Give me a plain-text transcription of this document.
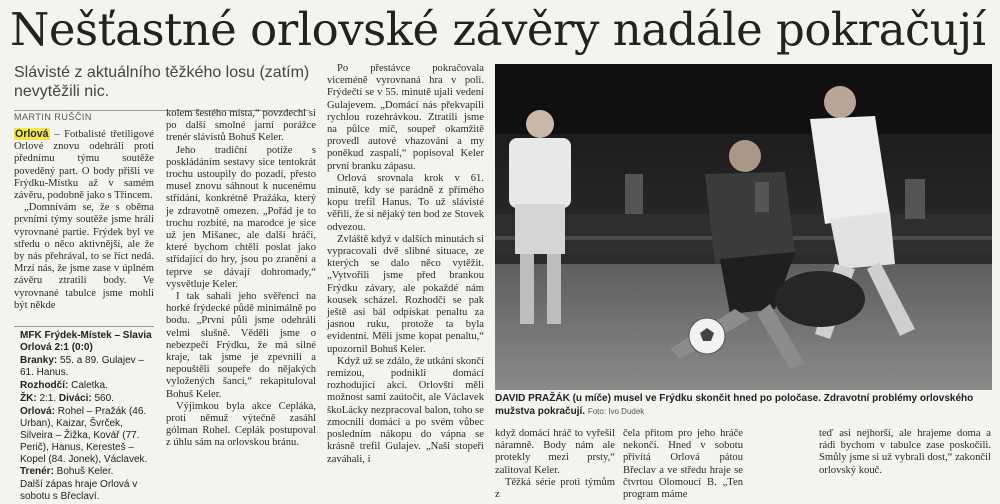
Nešťastné orlovské závěry nadále pokračují
Slávisté z aktuálního těžkého losu (zatím) nevytěžili nic.
MARTIN RUŠČIN

Orlová – Fotbalisté třetiligové Orlové znovu odehráli proti přednímu týmu soutěže poveděný part. O body přišli ve Frýdku-Místku až v samém závěru, podobně jako s Třincem.

„Domnívám se, že s oběma prvními týmy soutěže jsme hráli vyrovnané partie. Frýdek byl ve středu o něco aktivnější, ale že by nás přehrával, to se říct nedá. Mrzí nás, že jsme zase v úplném závěru ztratili body. Ve vyrovnané tabulce jsme mohli být někde

MFK Frýdek-Místek – Slavia Orlová 2:1 (0:0)

Branky: 55. a 89. Gulajev – 61. Hanus.

Rozhodčí: Caletka.

ŽK: 2:1. Diváci: 560.

Orlová: Rohel – Pražák (46. Urban), Kaizar, Švrček, Silveira – Žižka, Kovář (77. Perič), Hanus, Keresteš – Kopel (84. Jonek), Václavek. Trenér: Bohuš Keler.

Další zápas hraje Orlová v sobotu s Břeclaví.

kolem šestého místa,“ povzdechl si po další smolné jarní porážce trenér slávistů Bohuš Keler.

Jeho tradiční potíže s poskládáním sestavy sice tentokrát trochu ustoupily do pozadí, přesto musel znovu sáhnout k nucenému střídání, konkrétně Pražáka, který je zdravotně omezen. „Pořád je to trochu rozbité, na marodce je sice už jen Mišanec, ale další hráči, které bychom chtěli poslat jako střídající do hry, jsou po zranění a teprve se dávají dohromady,“ vysvětluje Keler.

I tak sahali jeho svěřenci na horké frýdecké půdě minimálně po bodu. „První půli jsme odehráli velmi slušně. Věděli jsme o nebezpečí Frýdku, že má silné kraje, tak jsme je zpevnili a nepouštěli soupeře do nějakých vyložených šancí,“ rekapituloval Bohuš Keler.

Výjimkou byla akce Cepláka, proti němuž výtečně zasáhl gólman Rohel. Ceplák postupoval z úhlu sám na orlovskou bránu.

Po přestávce pokračovala viceméně vyrovnaná hra v poli. Frýdečtí se v 55. minutě ujali vedení Gulajevem. „Domácí nás překvapili rychlou rozehrávkou. Ztratili jsme na půlce míč, soupeř okamžitě provedl autové vhazování a my poněkud zaspali,“ popisoval Keler první branku zápasu.

Orlová srovnala krok v 61. minutě, kdy se parádně z přímého kopu trefil Hanus. To už slávisté věřili, že si nějaký ten bod ze Stovek odvezou.

Zvláště když v dalších minutách si vypracovali dvě slibné situace, ze kterých se dalo něco vytěžit. „Vytvořili jsme před brankou Frýdku závary, ale pokaždé nám kousek scházel. Rozhodčí se pak ještě asi bál odpískat penaltu za jasnou ruku, protože ta byla evidentní. Měli jsme kopat penaltu,“ upozornil Bohuš Keler.

Když už se zdálo, že utkání skončí remízou, podnikli domácí rozhodující akci. Orlovští měli možnost sami zaútočit, ale Václavek škoLácky nezpracoval balon, toho se zmocnili domácí a po svém vůbec posledním nákopu do vápna se krásně trefil Gulajev. „Naši stopeři zaváhali, i

DAVID PRAŽÁK (u míče) musel ve Frýdku skončit hned po poločase. Zdravotní problémy orlovského mužstva pokračují. Foto: Ivo Dudek

když domácí hráč to vyřešil náramně. Body nám ale protekly mezi prsty,“ zalitoval Keler.

Těžká série proti týmům z

čela přitom pro jeho hráče nekončí. Hned v sobotu přivítá Orlová pátou Břeclav a ve středu hraje se čtvrtou Olomoucí B. „Ten program máme

teď asi nejhorší, ale hrajeme doma a rádi bychom v tabulce zase poskočili. Smůly jsme si už vybrali dost,“ zakončil orlovský kouč.
